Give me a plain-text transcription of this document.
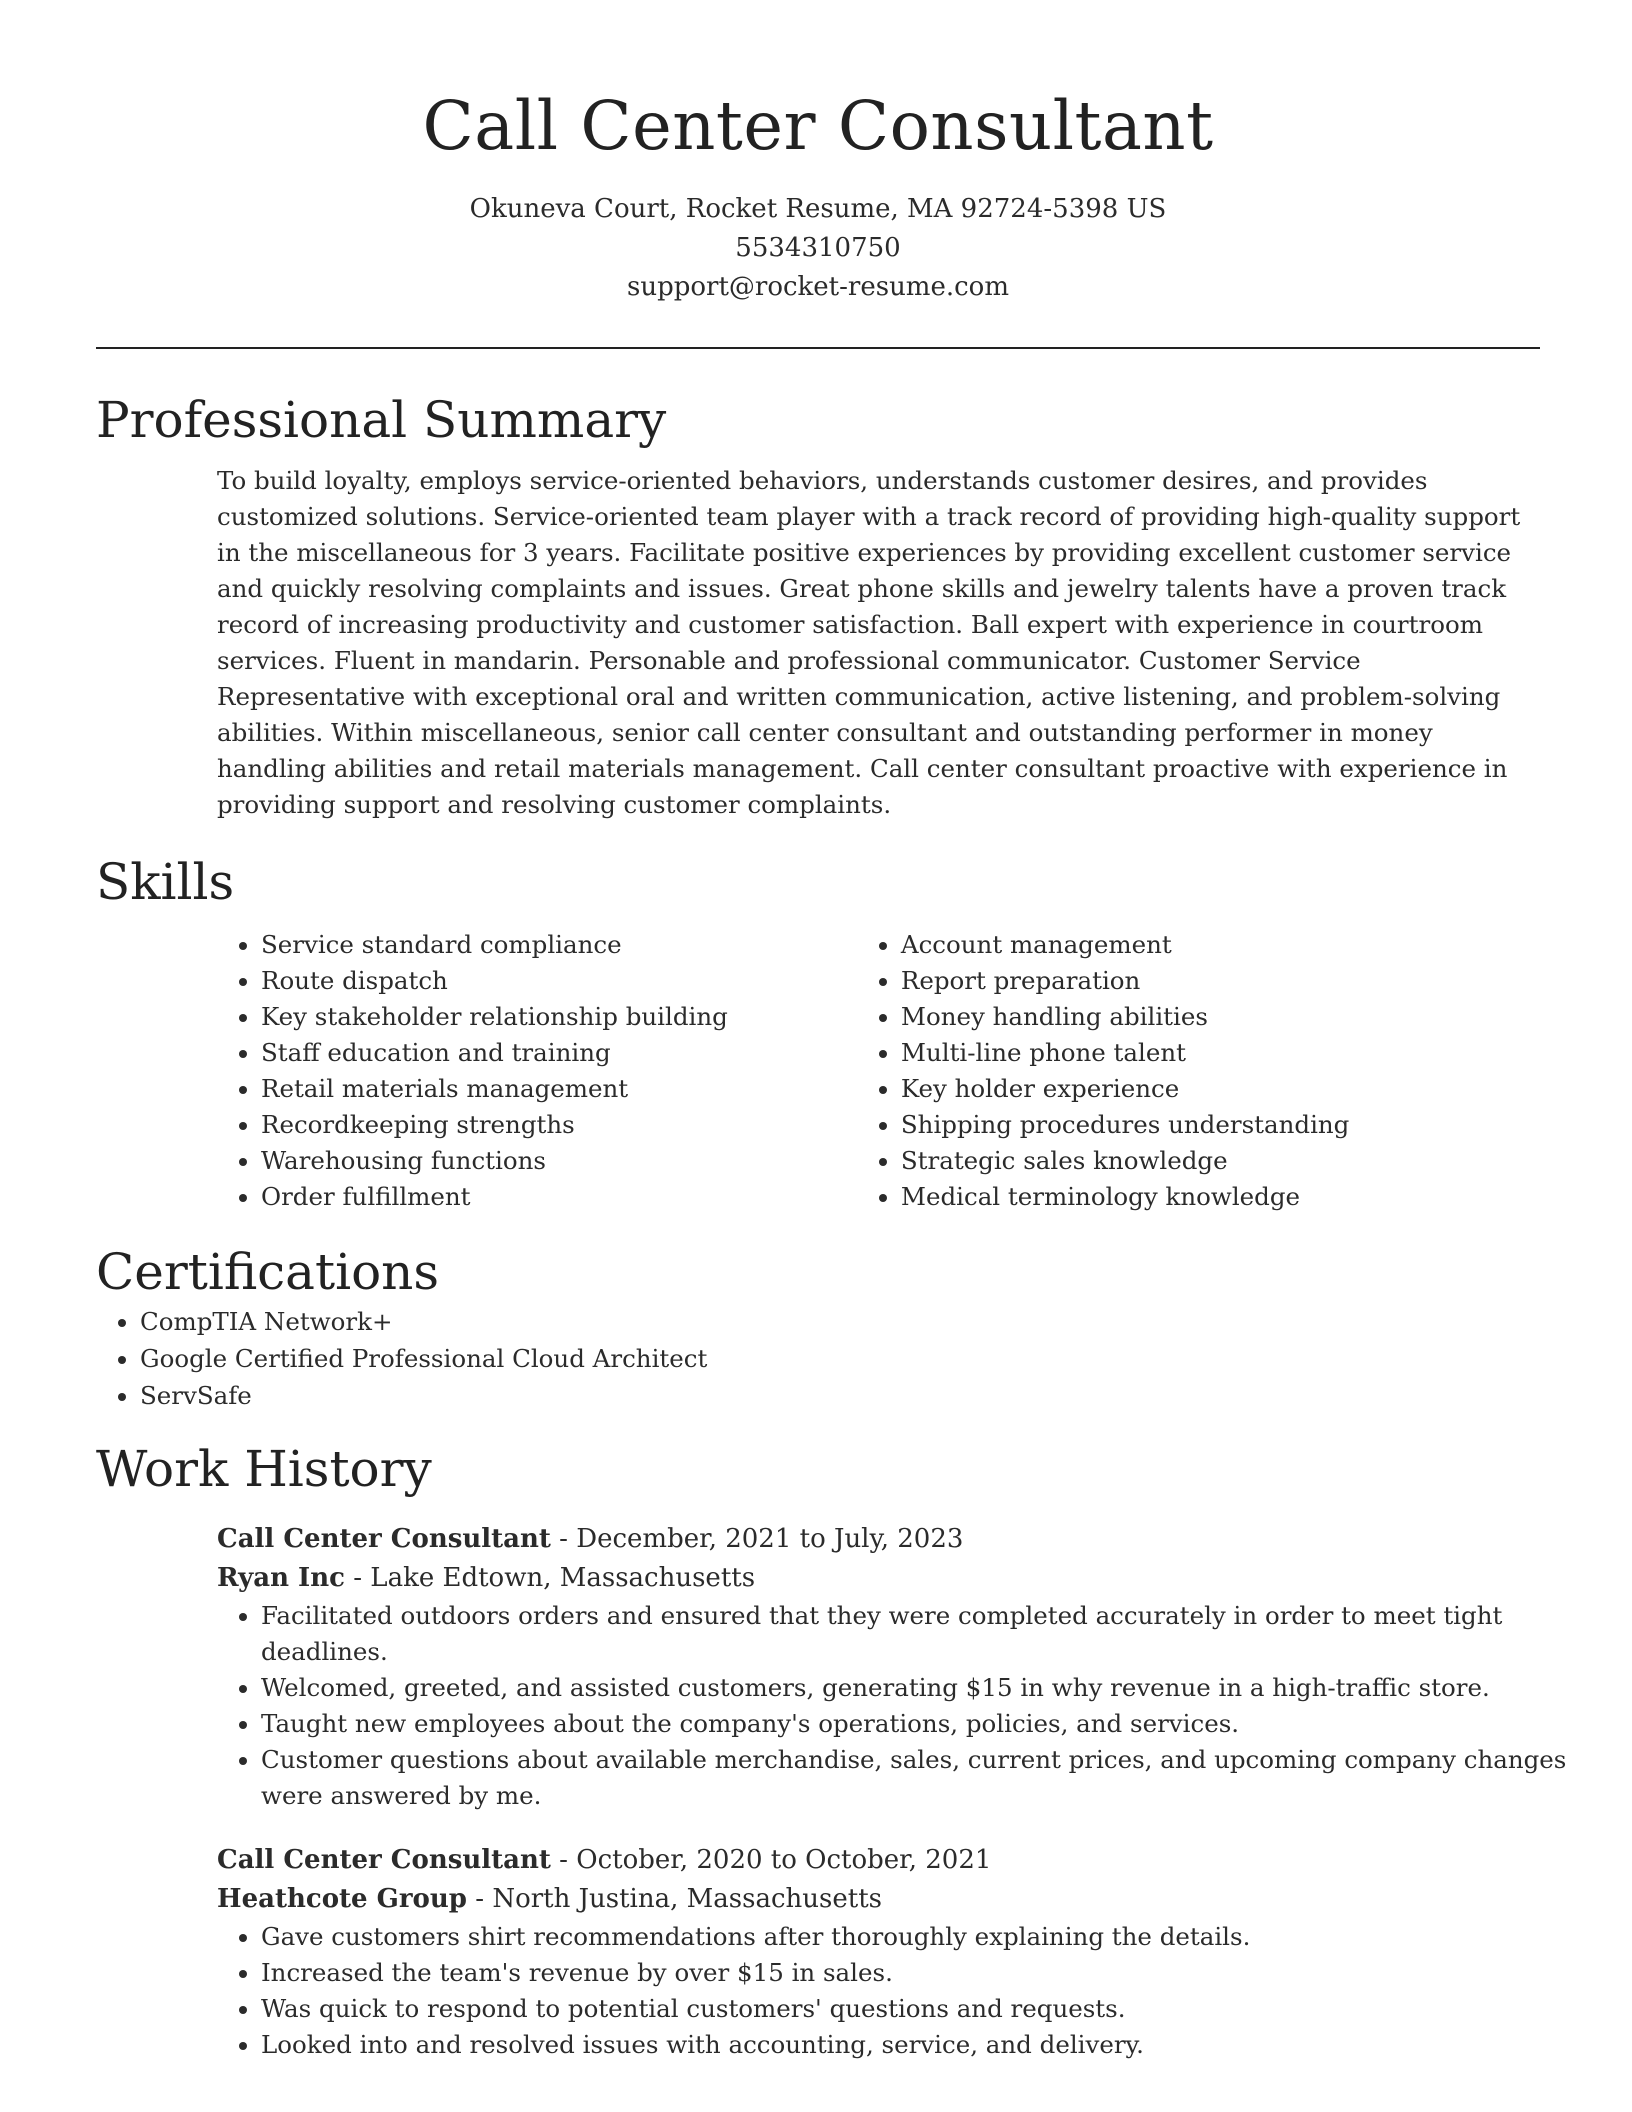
Call Center Consultant
Okuneva Court, Rocket Resume, MA 92724-5398 US
5534310750
support@rocket-resume.com
Professional Summary

To build loyalty, employs service-oriented behaviors, understands customer desires, and provides customized solutions. Service-oriented team player with a track record of providing high-quality support in the miscellaneous for 3 years. Facilitate positive experiences by providing excellent customer service and quickly resolving complaints and issues. Great phone skills and jewelry talents have a proven track record of increasing productivity and customer satisfaction. Ball expert with experience in courtroom services. Fluent in mandarin. Personable and professional communicator. Customer Service Representative with exceptional oral and written communication, active listening, and problem-solving abilities. Within miscellaneous, senior call center consultant and outstanding performer in money handling abilities and retail materials management. Call center consultant proactive with experience in providing support and resolving customer complaints.

Skills
• Service standard compliance
• Route dispatch
• Key stakeholder relationship building
• Staff education and training
• Retail materials management
• Recordkeeping strengths
• Warehousing functions
• Order fulfillment
• Account management
• Report preparation
• Money handling abilities
• Multi-line phone talent
• Key holder experience
• Shipping procedures understanding
• Strategic sales knowledge
• Medical terminology knowledge
Certifications
• CompTIA Network+
• Google Certified Professional Cloud Architect
• ServSafe
Work History
Call Center Consultant - December, 2021 to July, 2023
Ryan Inc - Lake Edtown, Massachusetts
• Facilitated outdoors orders and ensured that they were completed accurately in order to meet tight deadlines.
• Welcomed, greeted, and assisted customers, generating $15 in why revenue in a high-traffic store.
• Taught new employees about the company's operations, policies, and services.
• Customer questions about available merchandise, sales, current prices, and upcoming company changes were answered by me.
Call Center Consultant - October, 2020 to October, 2021
Heathcote Group - North Justina, Massachusetts
• Gave customers shirt recommendations after thoroughly explaining the details.
• Increased the team's revenue by over $15 in sales.
• Was quick to respond to potential customers' questions and requests.
• Looked into and resolved issues with accounting, service, and delivery.
